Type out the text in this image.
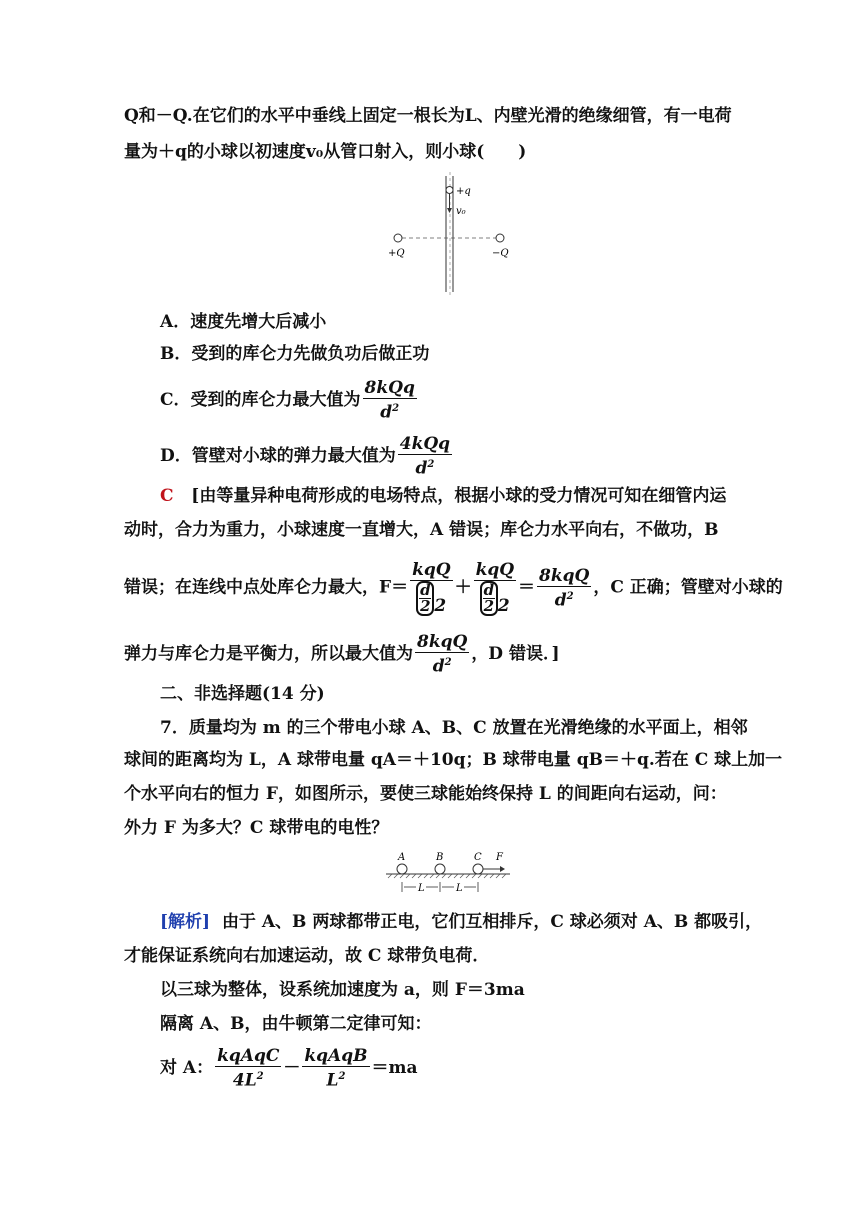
Q和－Q.在它们的水平中垂线上固定一根长为L、内壁光滑的绝缘细管，有一电荷
量为＋q的小球以初速度v₀从管口射入，则小球(　　)
+q
v₀
+Q	−Q
A．速度先增大后减小
B．受到的库仑力先做负功后做正功
C．受到的库仑力最大值为 $\frac{\text{8kQq}}{d^2}$
D．管壁对小球的弹力最大值为 $\frac{\text{4kQq}}{d^2}$
C [由等量异种电荷形成的电场特点，根据小球的受力情况可知在细管内运
动时，合力为重力，小球速度一直增大，A 错误；库仑力水平向右，不做功，B
错误；在连线中点处库仑力最大，$F= \frac{\text{kqQ}}{\frac{d}{2}2} + \frac{\text{kqQ}}{\frac{d}{2}2} = \frac{\text{8kqQ}}{d^2}$ ，C 正确；管壁对小球的
弹力与库仑力是平衡力，所以最大值为 $\frac{\text{8kqQ}}{d^2}$ ，D 错误．]
二、非选择题(14 分)
7．质量均为 m 的三个带电小球 A、B、C 放置在光滑绝缘的水平面上，相邻
球间的距离均为 L，A 球带电量 qA＝＋10q；B 球带电量 qB＝＋q.若在 C 球上加一
个水平向右的恒力 F，如图所示，要使三球能始终保持 L 的间距向右运动，问：
外力 F 为多大？C 球带电的电性？
A	B	C F
L	L
[解析] 由于 A、B 两球都带正电，它们互相排斥，C 球必须对 A、B 都吸引，
才能保证系统向右加速运动，故 C 球带负电荷．
以三球为整体，设系统加速度为 a，则 F＝3ma
隔离 A、B，由牛顿第二定律可知：
对 A： $\frac{\text{kqAqC}}{4L^2} - \frac{\text{kqAqB}}{L^2} =ma$
